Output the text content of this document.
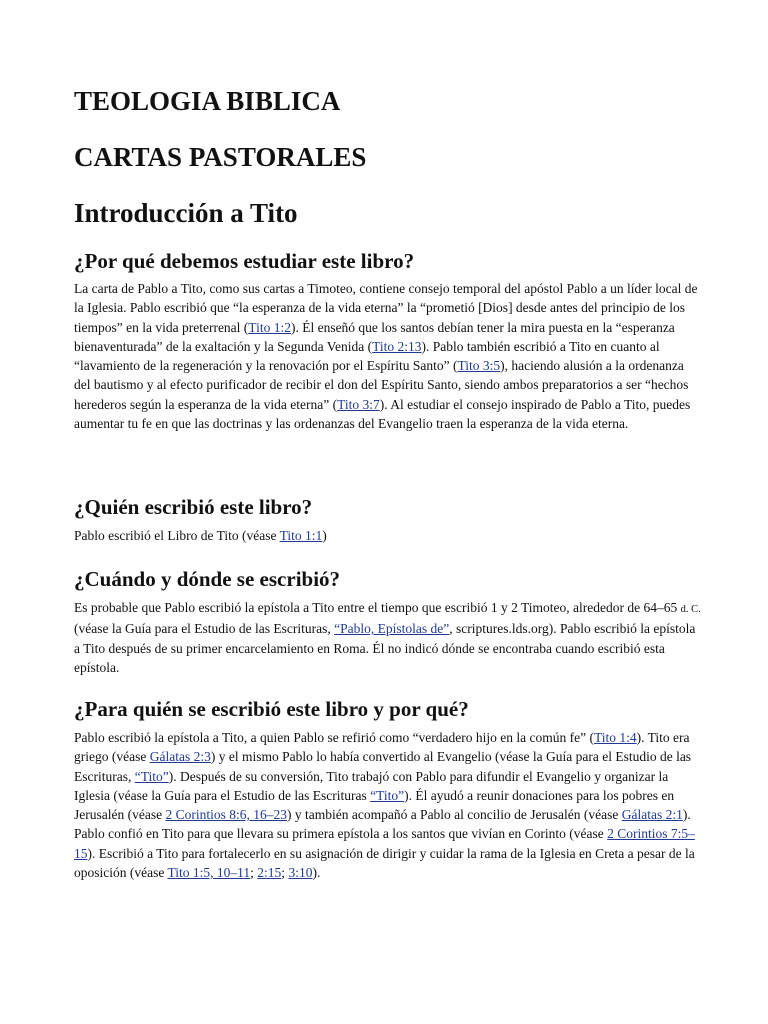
TEOLOGIA BIBLICA
CARTAS PASTORALES
Introducción a Tito
¿Por qué debemos estudiar este libro?

La carta de Pablo a Tito, como sus cartas a Timoteo, contiene consejo temporal del apóstol Pablo a un líder local de la Iglesia. Pablo escribió que “la esperanza de la vida eterna” la “prometió [Dios] desde antes del principio de los tiempos” en la vida preterrenal (Tito 1:2). Él enseñó que los santos debían tener la mira puesta en la “esperanza bienaventurada” de la exaltación y la Segunda Venida (Tito 2:13). Pablo también escribió a Tito en cuanto al “lavamiento de la regeneración y la renovación por el Espíritu Santo” (Tito 3:5), haciendo alusión a la ordenanza del bautismo y al efecto purificador de recibir el don del Espíritu Santo, siendo ambos preparatorios a ser “hechos herederos según la esperanza de la vida eterna” (Tito 3:7). Al estudiar el consejo inspirado de Pablo a Tito, puedes aumentar tu fe en que las doctrinas y las ordenanzas del Evangelio traen la esperanza de la vida eterna.

¿Quién escribió este libro?

Pablo escribió el Libro de Tito (véase Tito 1:1)

¿Cuándo y dónde se escribió?

Es probable que Pablo escribió la epístola a Tito entre el tiempo que escribió 1 y 2 Timoteo, alrededor de 64–65 d. C. (véase la Guía para el Estudio de las Escrituras, “Pablo, Epístolas de”, scriptures.lds.org). Pablo escribió la epístola a Tito después de su primer encarcelamiento en Roma. Él no indicó dónde se encontraba cuando escribió esta epístola.

¿Para quién se escribió este libro y por qué?

Pablo escribió la epístola a Tito, a quien Pablo se refirió como “verdadero hijo en la común fe” (Tito 1:4). Tito era griego (véase Gálatas 2:3) y el mismo Pablo lo había convertido al Evangelio (véase la Guía para el Estudio de las Escrituras, “Tito”). Después de su conversión, Tito trabajó con Pablo para difundir el Evangelio y organizar la Iglesia (véase la Guía para el Estudio de las Escrituras “Tito”). Él ayudó a reunir donaciones para los pobres en Jerusalén (véase 2 Corintios 8:6, 16–23) y también acompañó a Pablo al concilio de Jerusalén (véase Gálatas 2:1). Pablo confió en Tito para que llevara su primera epístola a los santos que vivían en Corinto (véase 2 Corintios 7:5–15). Escribió a Tito para fortalecerlo en su asignación de dirigir y cuidar la rama de la Iglesia en Creta a pesar de la oposición (véase Tito 1:5, 10–11; 2:15; 3:10).
